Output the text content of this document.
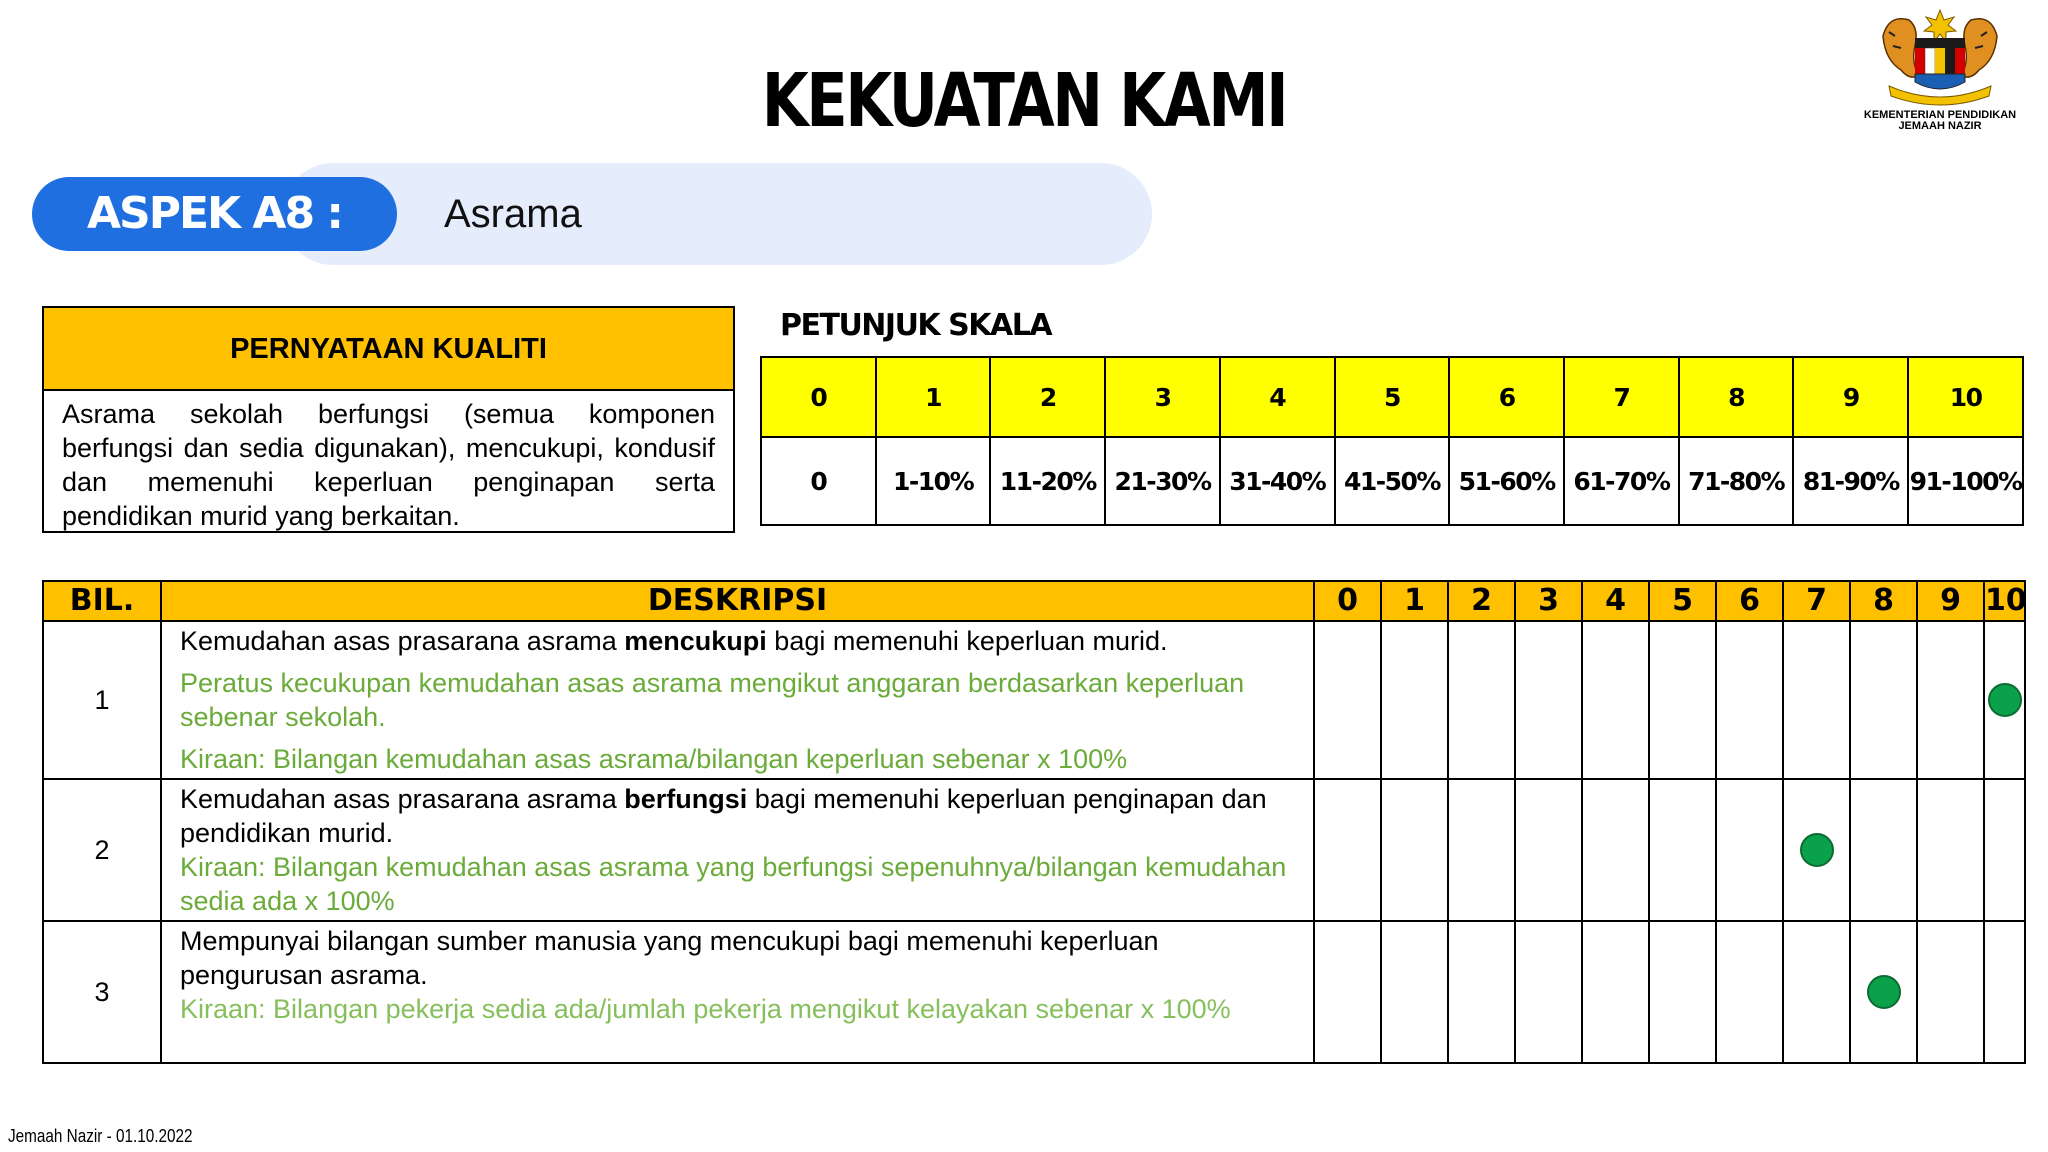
KEKUATAN KAMI	KEMENTERIAN PENDIDIKAN
JEMAAH NAZIR
ASPEK A8 :	Asrama
PERNYATAAN KUALITI
Asrama sekolah berfungsi (semua komponen berfungsi dan sedia digunakan), mencukupi, kondusif dan memenuhi keperluan penginapan serta pendidikan murid yang berkaitan.
PETUNJUK SKALA
0	1	2	3	4	5	6	7	8	9	10
0	1-10%	11-20%	21-30%	31-40%	41-50%	51-60%	61-70%	71-80%	81-90%	91-100%
BIL.	DESKRIPSI	0	1	2	3	4	5	6	7	8	9	10
1	Kemudahan asas prasarana asrama mencukupi bagi memenuhi keperluan murid.

Peratus kecukupan kemudahan asas asrama mengikut anggaran berdasarkan keperluan sebenar sekolah.

Kiraan: Bilangan kemudahan asas asrama/bilangan keperluan sebenar x 100%											

2	Kemudahan asas prasarana asrama berfungsi bagi memenuhi keperluan penginapan dan pendidikan murid.

Kiraan: Bilangan kemudahan asas asrama yang berfungsi sepenuhnya/bilangan kemudahan sedia ada x 100%											

3	Mempunyai bilangan sumber manusia yang mencukupi bagi memenuhi keperluan pengurusan asrama.

Kiraan: Bilangan pekerja sedia ada/jumlah pekerja mengikut kelayakan sebenar x 100%											

Jemaah Nazir - 01.10.2022
